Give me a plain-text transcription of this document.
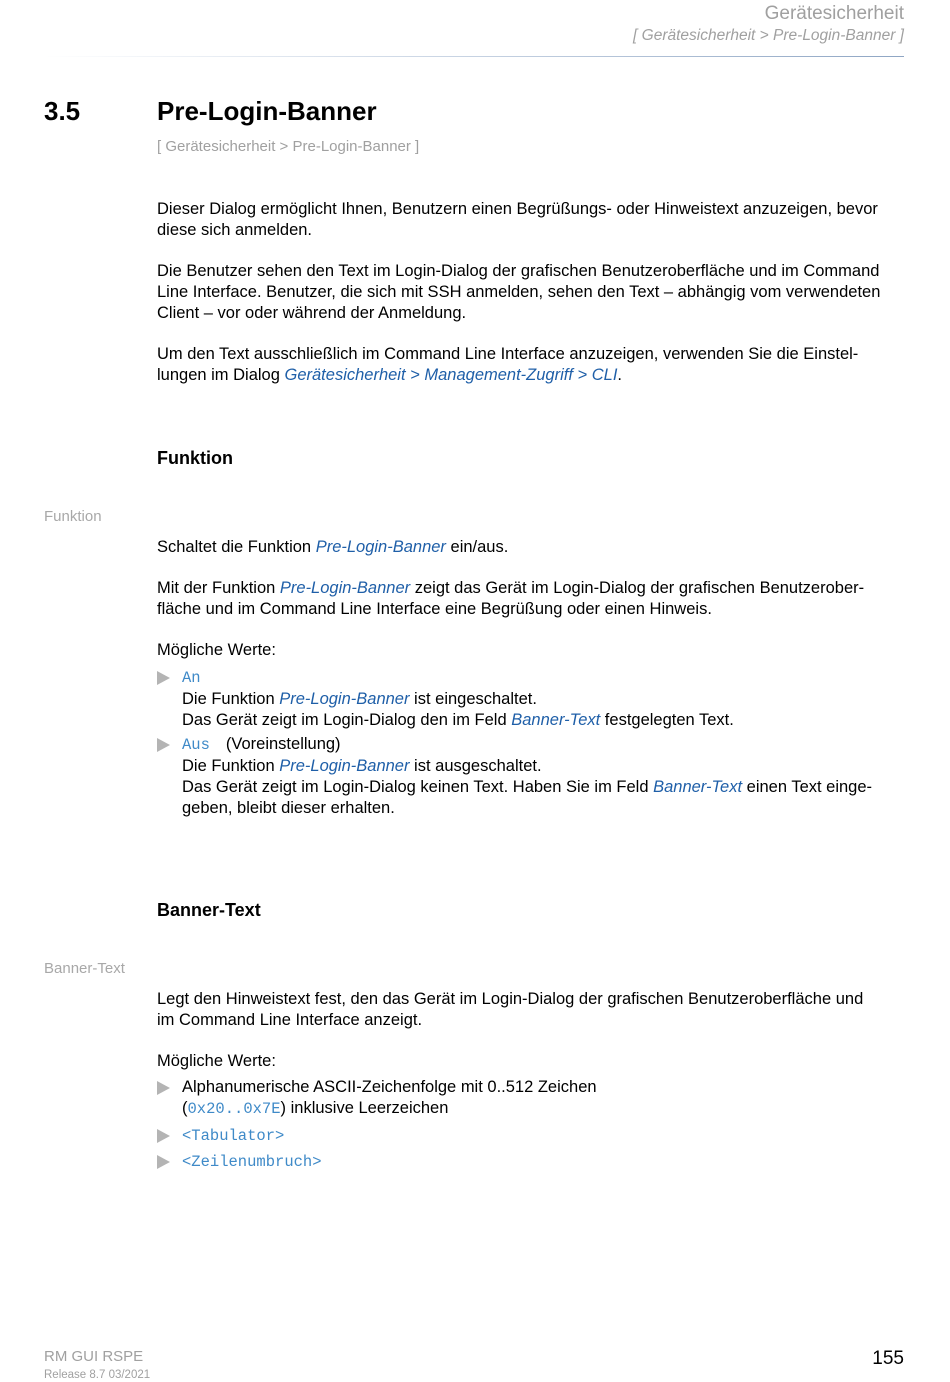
Gerätesicherheit
[ Gerätesicherheit > Pre-Login-Banner ]
3.5	Pre-Login-Banner
[ Gerätesicherheit > Pre-Login-Banner ]

Dieser Dialog ermöglicht Ihnen, Benutzern einen Begrüßungs- oder Hinweistext anzuzeigen, bevor
diese sich anmelden.

Die Benutzer sehen den Text im Login-Dialog der grafischen Benutzeroberfläche und im Command
Line Interface. Benutzer, die sich mit SSH anmelden, sehen den Text – abhängig vom verwendeten
Client – vor oder während der Anmeldung.

Um den Text ausschließlich im Command Line Interface anzuzeigen, verwenden Sie die Einstel-
lungen im Dialog Gerätesicherheit > Management-Zugriff > CLI.

Funktion
Funktion

Schaltet die Funktion Pre-Login-Banner ein/aus.

Mit der Funktion Pre-Login-Banner zeigt das Gerät im Login-Dialog der grafischen Benutzerober-
fläche und im Command Line Interface eine Begrüßung oder einen Hinweis.

Mögliche Werte:

An
Die Funktion Pre-Login-Banner ist eingeschaltet.
Das Gerät zeigt im Login-Dialog den im Feld Banner-Text festgelegten Text.
Aus (Voreinstellung)
Die Funktion Pre-Login-Banner ist ausgeschaltet.
Das Gerät zeigt im Login-Dialog keinen Text. Haben Sie im Feld Banner-Text einen Text einge-
geben, bleibt dieser erhalten.
Banner-Text
Banner-Text

Legt den Hinweistext fest, den das Gerät im Login-Dialog der grafischen Benutzeroberfläche und
im Command Line Interface anzeigt.

Mögliche Werte:

Alphanumerische ASCII-Zeichenfolge mit 0..512 Zeichen
(0x20..0x7E) inklusive Leerzeichen
<Tabulator>
<Zeilenumbruch>
RM GUI RSPE
Release 8.7 03/2021
155
